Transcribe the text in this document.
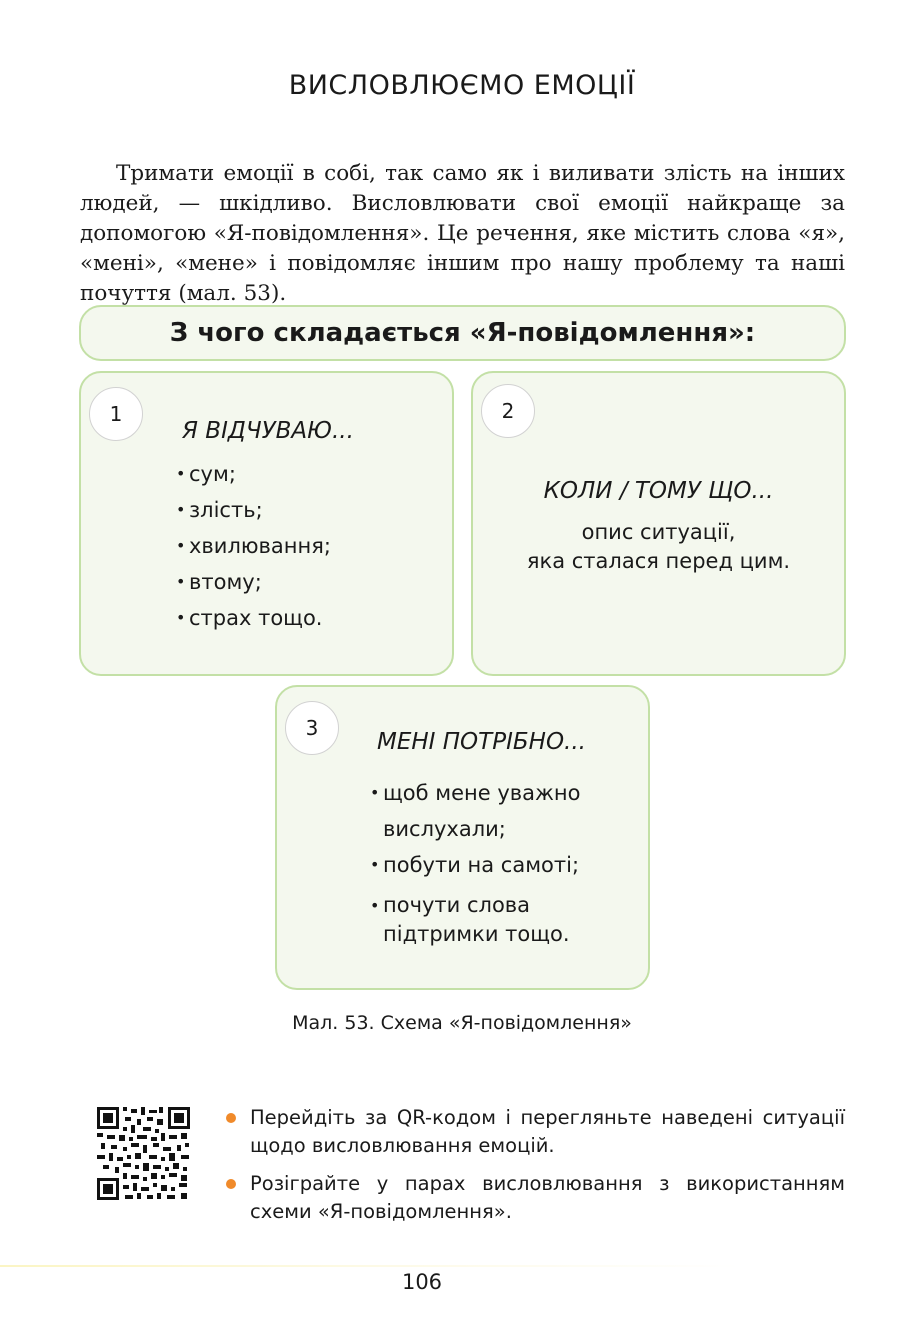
ВИСЛОВЛЮЄМО ЕМОЦІЇ

Тримати емоції в собі, так само як і виливати злість на інших людей, — шкідливо. Висловлювати свої емоції найкраще за допомогою «Я-повідомлення». Це речення, яке містить слова «я», «мені», «мене» і повідомляє іншим про нашу проблему та наші почуття (мал. 53).

З чого складається «Я-повідомлення»:
1
Я ВІДЧУВАЮ...
• сум;
• злість;
• хвилювання;
• втому;
• страх тощо.
2
КОЛИ / ТОМУ ЩО...
опис ситуації,
яка сталася перед цим.
3
МЕНІ ПОТРІБНО...
• щоб мене уважно вислухали;
• побути на самоті;
• почути слова підтримки тощо.
Мал. 53. Схема «Я-повідомлення»
Перейдіть за QR-кодом і перегляньте наведені ситуації щодо висловлювання емоцій.
Розіграйте у парах висловлювання з використанням схеми «Я-повідомлення».
106
